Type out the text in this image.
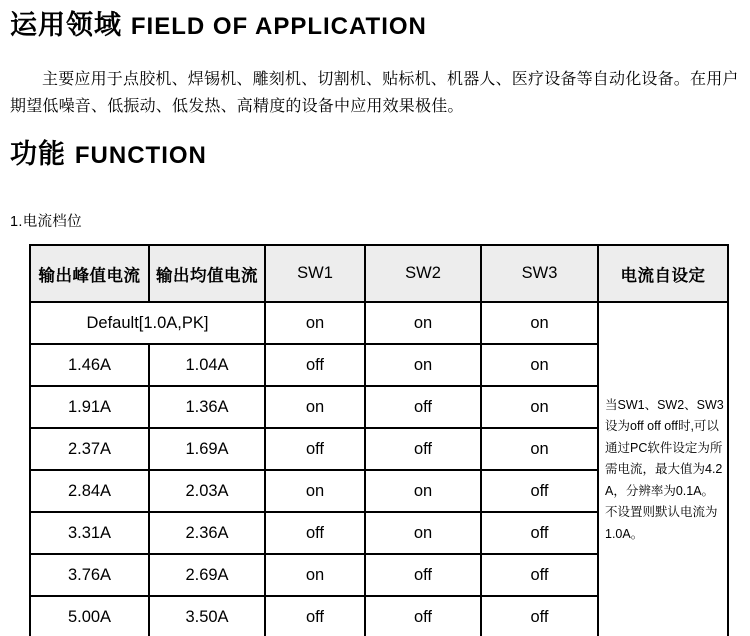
运用领域 FIELD OF APPLICATION

主要应用于点胶机、焊锡机、雕刻机、切割机、贴标机、机器人、医疗设备等自动化设备。在用户期望低噪音、低振动、低发热、高精度的设备中应用效果极佳。

功能 FUNCTION
1.电流档位
输出峰值电流	输出均值电流	SW1	SW2	SW3	电流自设定
Default[1.0A,PK]		on	on	on	当SW1、SW2、SW3设为off off off时,可以通过PC软件设定为所需电流，最大值为4.2A，分辨率为0.1A。不设置则默认电流为1.0A。
1.46A	1.04A	off	on	on	
1.91A	1.36A	on	off	on	
2.37A	1.69A	off	off	on	
2.84A	2.03A	on	on	off	
3.31A	2.36A	off	on	off	
3.76A	2.69A	on	off	off	
5.00A	3.50A	off	off	off	
